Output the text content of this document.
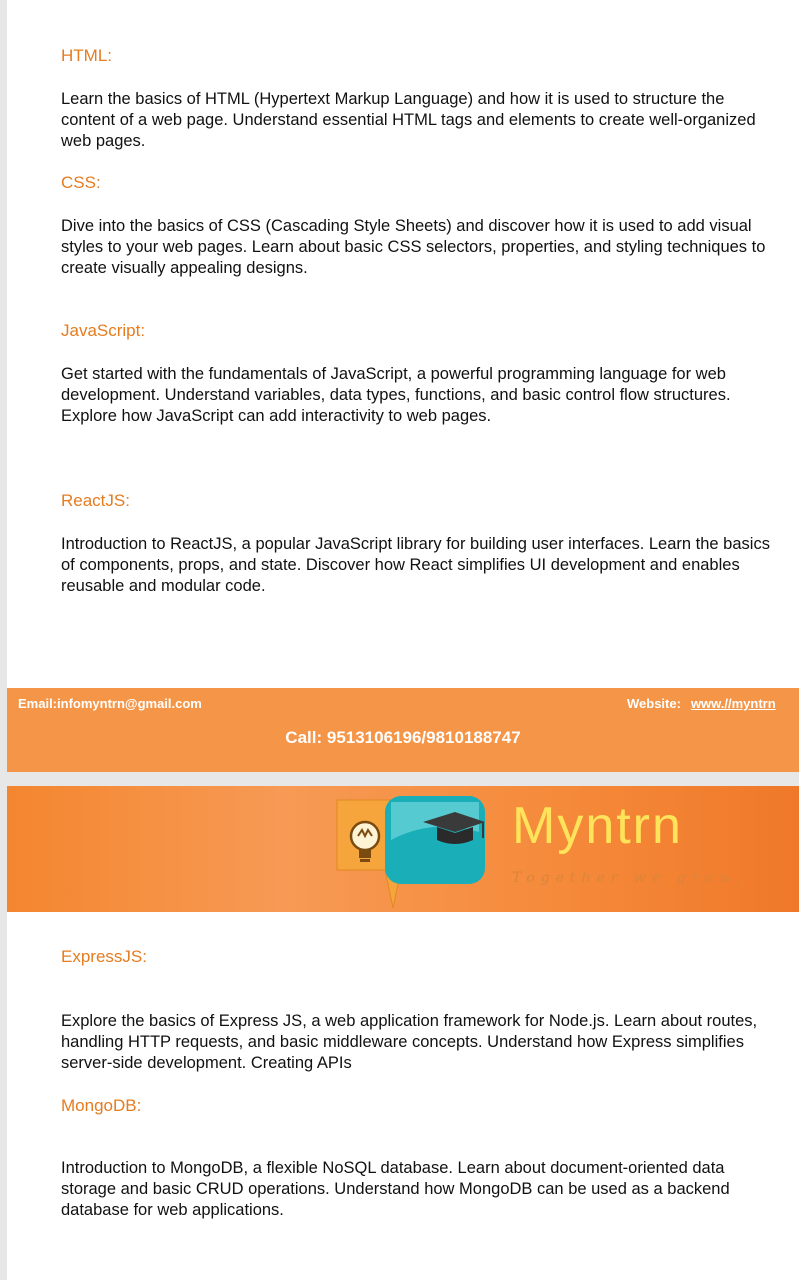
HTML:

Learn the basics of HTML (Hypertext Markup Language) and how it is used to structure the content of a web page. Understand essential HTML tags and elements to create well-organized web pages.

CSS:

Dive into the basics of CSS (Cascading Style Sheets) and discover how it is used to add visual styles to your web pages. Learn about basic CSS selectors, properties, and styling techniques to create visually appealing designs.

JavaScript:

Get started with the fundamentals of JavaScript, a powerful programming language for web development. Understand variables, data types, functions, and basic control flow structures. Explore how JavaScript can add interactivity to web pages.

ReactJS:

Introduction to ReactJS, a popular JavaScript library for building user interfaces. Learn the basics of components, props, and state. Discover how React simplifies UI development and enables reusable and modular code.

Email:infomyntrn@gmail.com	Website: www.//myntrn
Call: 9513106196/9810188747
Myntrn
Together we grow.

ExpressJS:

Explore the basics of Express JS, a web application framework for Node.js. Learn about routes, handling HTTP requests, and basic middleware concepts. Understand how Express simplifies server-side development. Creating APIs

MongoDB:

Introduction to MongoDB, a flexible NoSQL database. Learn about document-oriented data storage and basic CRUD operations. Understand how MongoDB can be used as a backend database for web applications.
